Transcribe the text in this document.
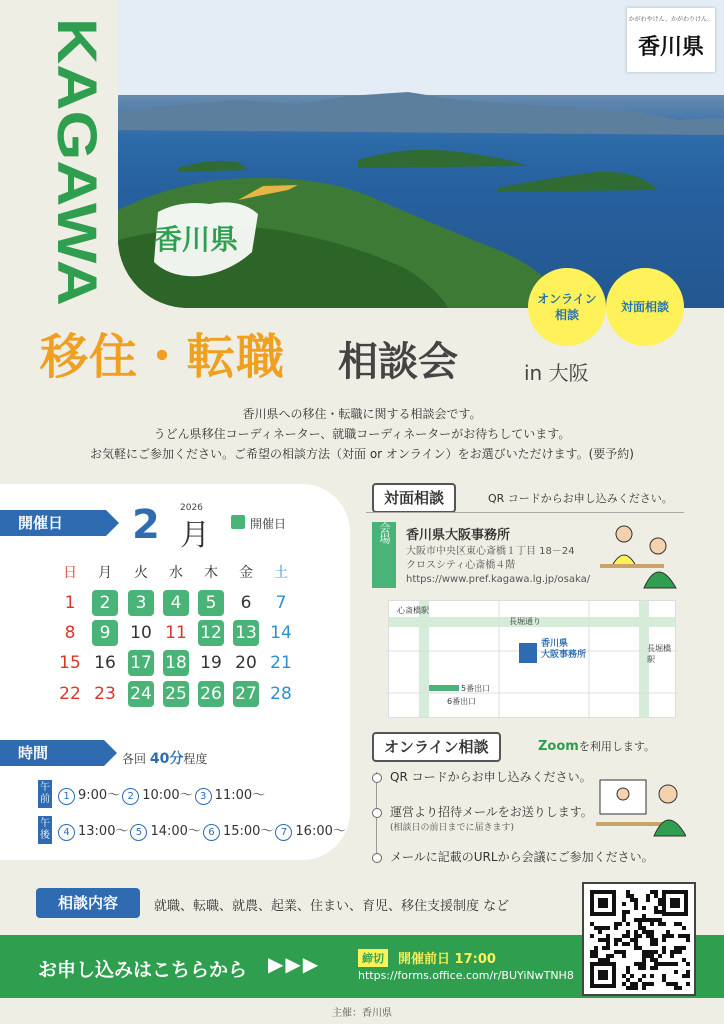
KAGAWA	かがわやけん、かがわりけん。
香川県
香川県
オンライン
相談
対面相談
移住・転職 相談会	in 大阪
香川県への移住・転職に関する相談会です。
うどん県移住コーディネーター、就職コーディネーターがお待ちしています。
お気軽にご参加ください。ご希望の相談方法（対面 or オンライン）をお選びいただけます。(要予約)
開催日	2 2026
月	開催日
日	月	火	水	木	金	土
1	2	3	4	5	6	7
8	9	10 11 12 13 14
15 16 17 18 19 20 21
22 23 24 25 26 27 28
時間	各回 40分程度
午前
午後
1 9:00〜 2 10:00〜 3 11:00〜
4 13:00〜 5 14:00〜 6 15:00〜 7 16:00〜
対面相談	QR コードからお申し込みください。
会場	香川県大阪事務所
大阪市中央区東心斎橋１丁目 18－24
クロスシティ心斎橋４階
https://www.pref.kagawa.lg.jp/osaka/
心斎橋駅
長堀通り
長堀橋駅
香川県
大阪事務所
5番出口
6番出口
オンライン相談	Zoomを利用します。
QR コードからお申し込みください。
運営より招待メールをお送りします。
(相談日の前日までに届きます)
メールに記載のURLから会議にご参加ください。
相談内容	就職、転職、就農、起業、住まい、育児、移住支援制度 など
お申し込みはこちらから ▶▶▶	締切	開催前日 17:00
https://forms.office.com/r/BUYiNwTNH8
主催：香川県
